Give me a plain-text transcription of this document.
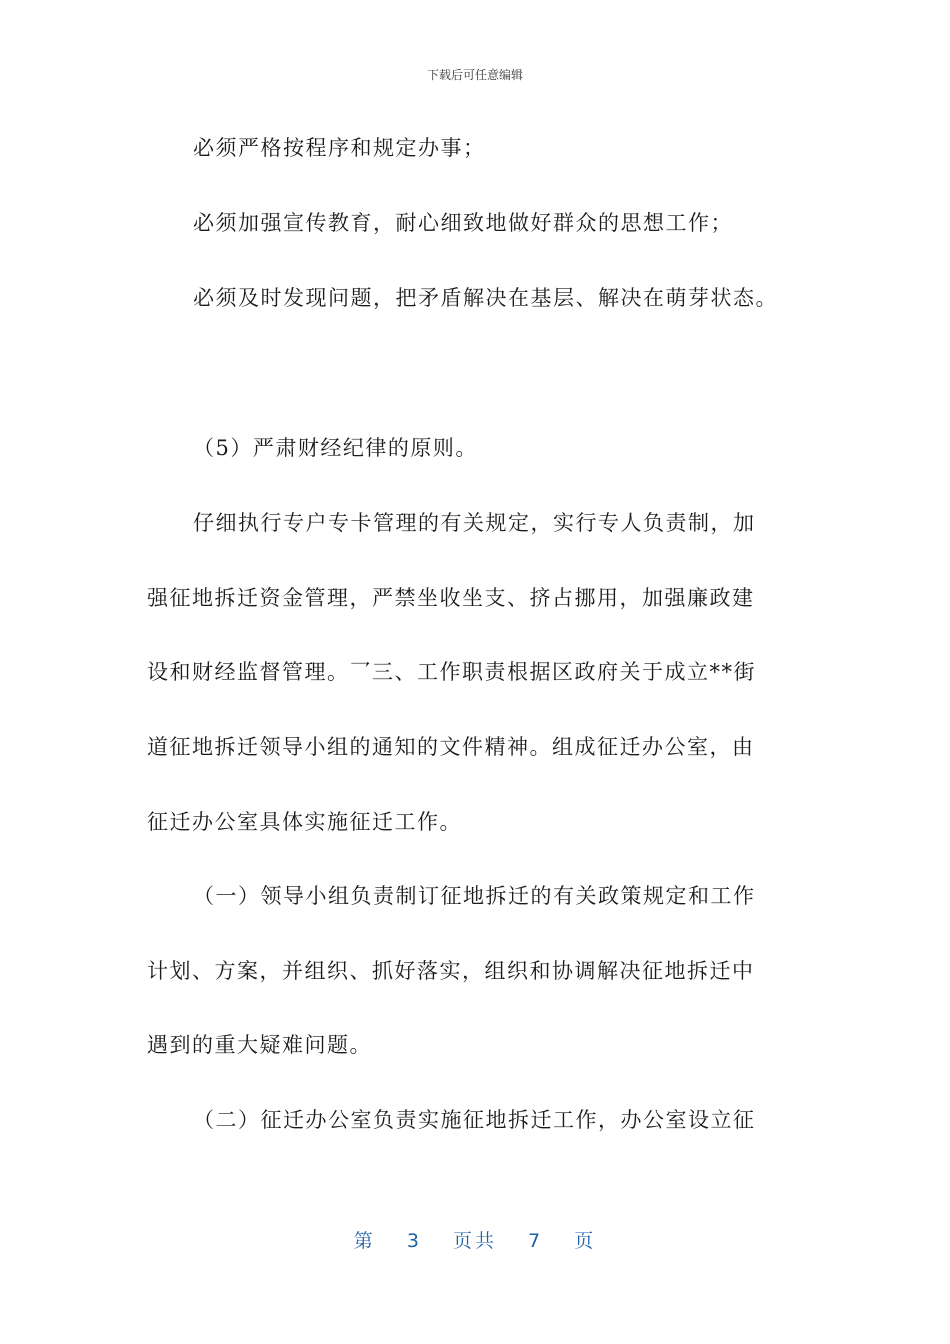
下载后可任意编辑
必须严格按程序和规定办事；
必须加强宣传教育，耐心细致地做好群众的思想工作；
必须及时发现问题，把矛盾解决在基层、解决在萌芽状态。
（5）严肃财经纪律的原则。
仔细执行专户专卡管理的有关规定，实行专人负责制，加
强征地拆迁资金管理，严禁坐收坐支、挤占挪用，加强廉政建
设和财经监督管理。乛三、工作职责根据区政府关于成立**街
道征地拆迁领导小组的通知的文件精神。组成征迁办公室，由
征迁办公室具体实施征迁工作。
（一）领导小组负责制订征地拆迁的有关政策规定和工作
计划、方案，并组织、抓好落实，组织和协调解决征地拆迁中
遇到的重大疑难问题。
（二）征迁办公室负责实施征地拆迁工作，办公室设立征
第 3 页共 7 页
